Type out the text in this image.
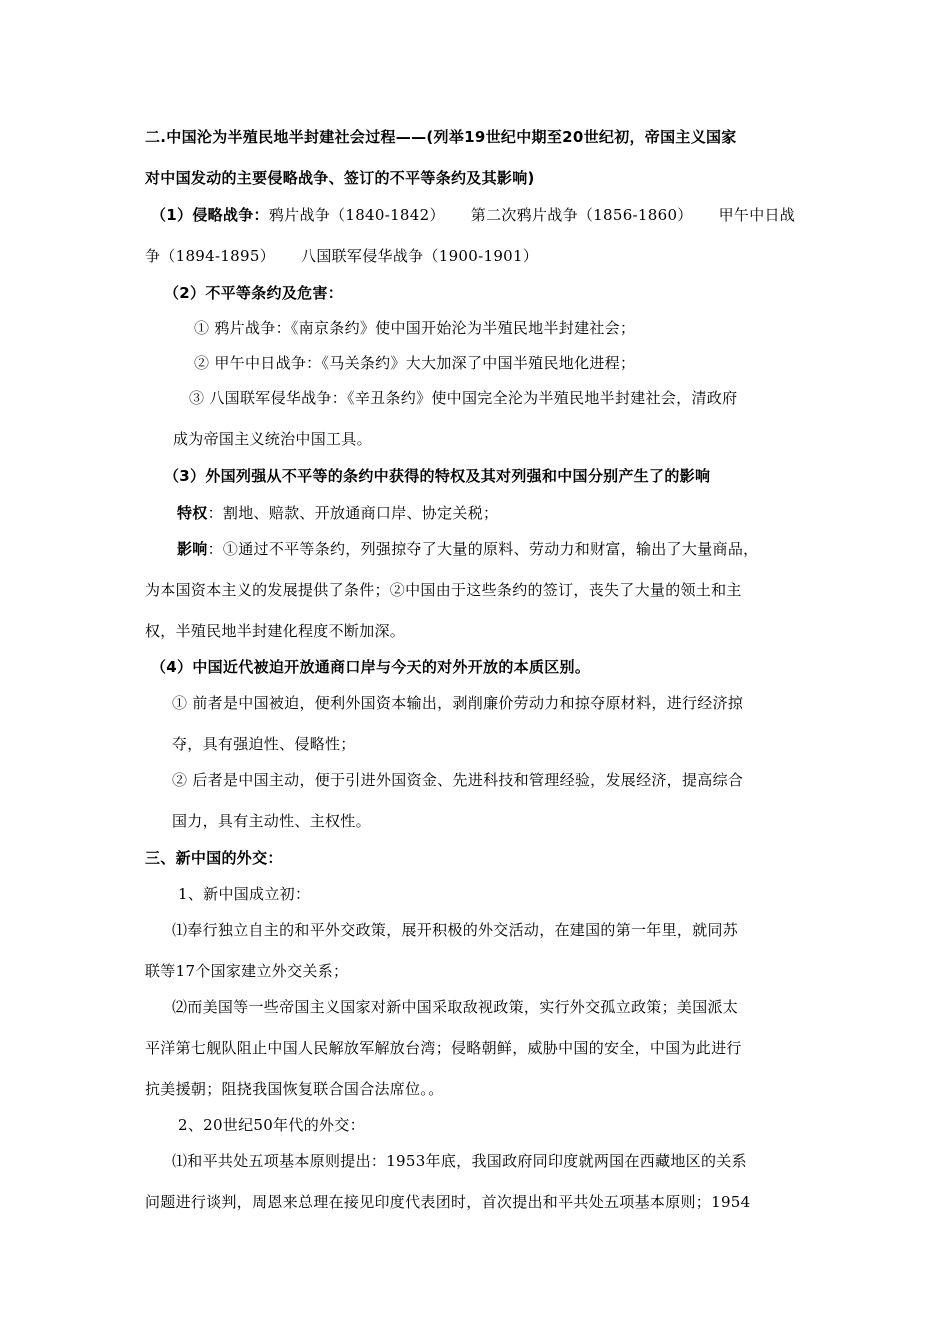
二.中国沦为半殖民地半封建社会过程——(列举19世纪中期至20世纪初，帝国主义国家
对中国发动的主要侵略战争、签订的不平等条约及其影响)
（1）侵略战争：鸦片战争（1840-1842） 第二次鸦片战争（1856-1860） 甲午中日战
争（1894-1895） 八国联军侵华战争（1900-1901）
（2）不平等条约及危害：
① 鸦片战争：《南京条约》使中国开始沦为半殖民地半封建社会；
② 甲午中日战争：《马关条约》大大加深了中国半殖民地化进程；
③ 八国联军侵华战争：《辛丑条约》使中国完全沦为半殖民地半封建社会，清政府
成为帝国主义统治中国工具。
（3）外国列强从不平等的条约中获得的特权及其对列强和中国分别产生了的影响
特权：割地、赔款、开放通商口岸、协定关税；
影响：①通过不平等条约，列强掠夺了大量的原料、劳动力和财富，输出了大量商品，
为本国资本主义的发展提供了条件；②中国由于这些条约的签订，丧失了大量的领土和主
权，半殖民地半封建化程度不断加深。
（4）中国近代被迫开放通商口岸与今天的对外开放的本质区别。
① 前者是中国被迫，便利外国资本输出，剥削廉价劳动力和掠夺原材料，进行经济掠
夺，具有强迫性、侵略性；
② 后者是中国主动，便于引进外国资金、先进科技和管理经验，发展经济，提高综合
国力，具有主动性、主权性。
三、新中国的外交：
1、新中国成立初：
⑴奉行独立自主的和平外交政策，展开积极的外交活动，在建国的第一年里，就同苏
联等17个国家建立外交关系；
⑵而美国等一些帝国主义国家对新中国采取敌视政策，实行外交孤立政策；美国派太
平洋第七舰队阻止中国人民解放军解放台湾；侵略朝鲜，威胁中国的安全，中国为此进行
抗美援朝；阻挠我国恢复联合国合法席位。。
2、20世纪50年代的外交：
⑴和平共处五项基本原则提出：1953年底，我国政府同印度就两国在西藏地区的关系
问题进行谈判，周恩来总理在接见印度代表团时，首次提出和平共处五项基本原则；1954
